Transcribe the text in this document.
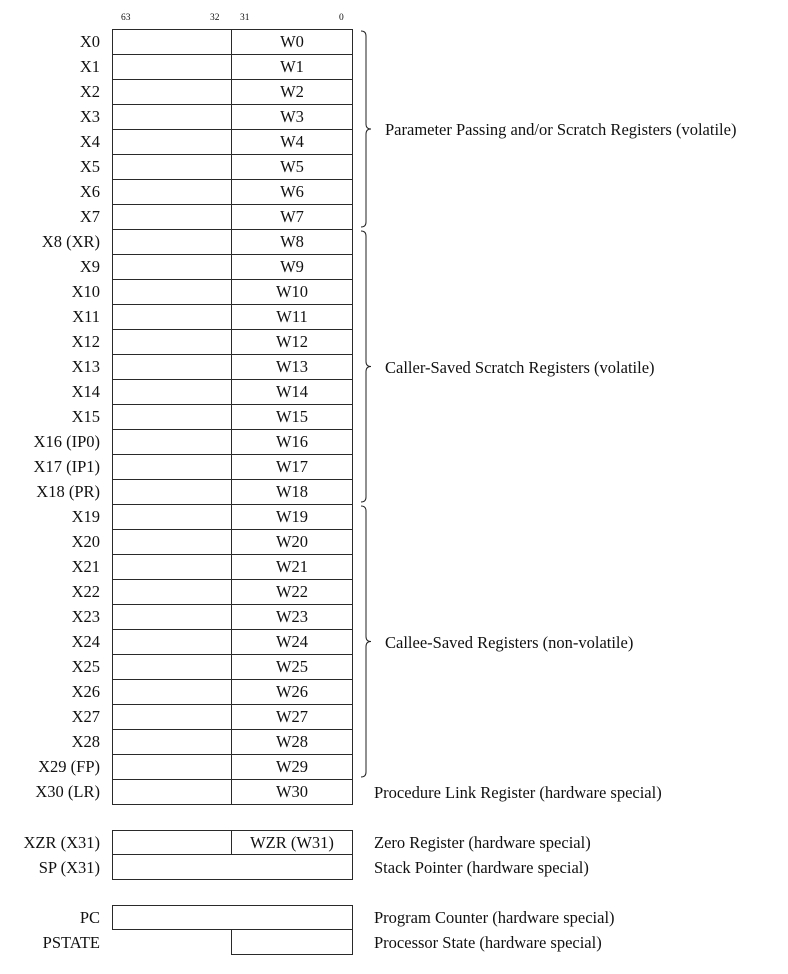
63	32 31	0
X0	W0
X1	W1
X2	W2
X3	W3
X4	W4
X5	W5
X6	W6
X7	W7
X8 (XR)	W8
X9	W9
X10	W10
X11	W11
X12	W12
X13	W13
X14	W14
X15	W15
X16 (IP0)	W16
X17 (IP1)	W17
X18 (PR)	W18
X19	W19
X20	W20
X21	W21
X22	W22
X23	W23
X24	W24
X25	W25
X26	W26
X27	W27
X28	W28
X29 (FP)	W29
X30 (LR)	W30
Parameter Passing and/or Scratch Registers (volatile)
Caller-Saved Scratch Registers (volatile)
Callee-Saved Registers (non-volatile)
Procedure Link Register (hardware special)
XZR (X31)	WZR (W31)	Zero Register (hardware special)
SP (X31)	Stack Pointer (hardware special)
PC	Program Counter (hardware special)
PSTATE	Processor State (hardware special)
